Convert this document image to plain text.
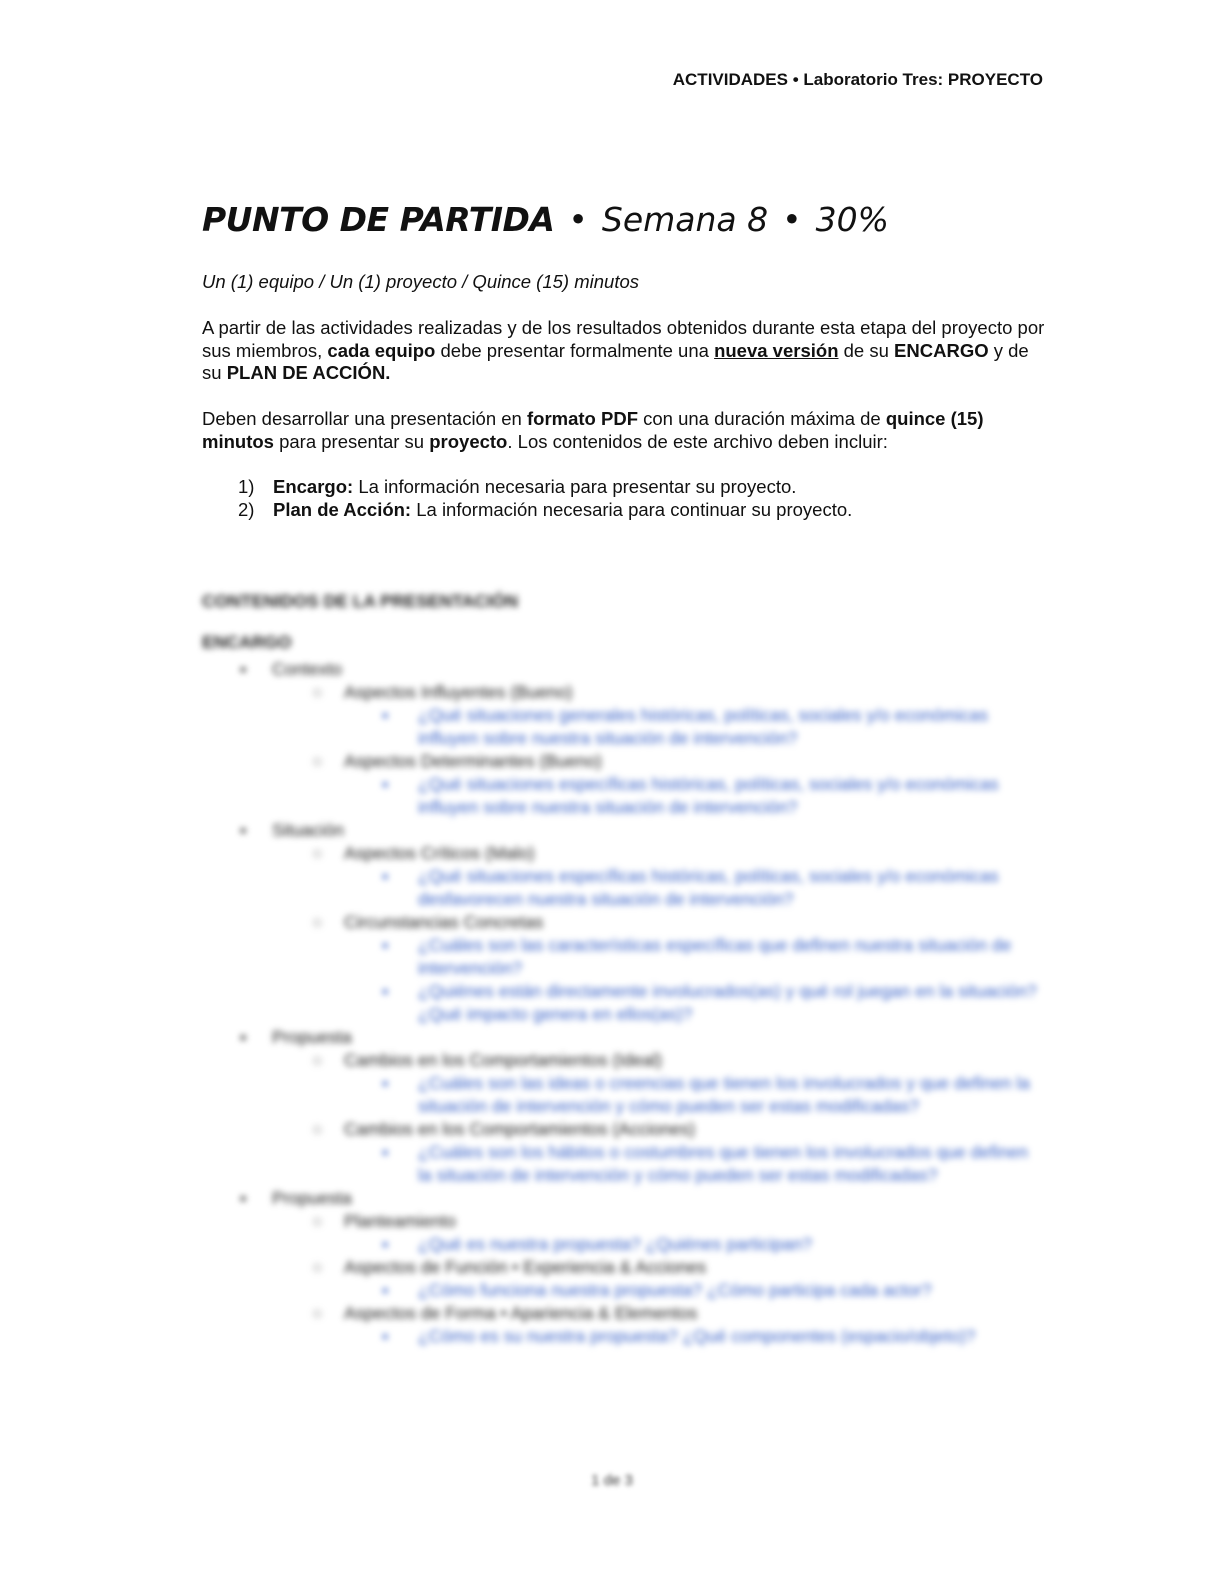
ACTIVIDADES • Laboratorio Tres: PROYECTO
PUNTO DE PARTIDA • Semana 8 • 30%
Un (1) equipo / Un (1) proyecto / Quince (15) minutos
A partir de las actividades realizadas y de los resultados obtenidos durante esta etapa del proyecto por sus miembros, cada equipo debe presentar formalmente una nueva versión de su ENCARGO y de su PLAN DE ACCIÓN.
Deben desarrollar una presentación en formato PDF con una duración máxima de quince (15) minutos para presentar su proyecto. Los contenidos de este archivo deben incluir:
1)	Encargo: La información necesaria para presentar su proyecto.
2)	Plan de Acción: La información necesaria para continuar su proyecto.
CONTENIDOS DE LA PRESENTACIÓN
ENCARGO
▪	Contexto
○	Aspectos Influyentes (Bueno)
▪	¿Qué situaciones generales históricas, políticas, sociales y/o económicas influyen sobre nuestra situación de intervención?
○	Aspectos Determinantes (Bueno)
▪	¿Qué situaciones específicas históricas, políticas, sociales y/o económicas influyen sobre nuestra situación de intervención?
▪	Situación
○	Aspectos Críticos (Malo)
▪	¿Qué situaciones específicas históricas, políticas, sociales y/o económicas desfavorecen nuestra situación de intervención?
○	Circunstancias Concretas
▪	¿Cuáles son las características específicas que definen nuestra situación de intervención?
▪	¿Quiénes están directamente involucrados(as) y qué rol juegan en la situación? ¿Qué impacto genera en ellos(as)?
▪	Propuesta
○	Cambios en los Comportamientos (Ideal)
▪	¿Cuáles son las ideas o creencias que tienen los involucrados y que definen la situación de intervención y cómo pueden ser estas modificadas?
○	Cambios en los Comportamientos (Acciones)
▪	¿Cuáles son los hábitos o costumbres que tienen los involucrados que definen la situación de intervención y cómo pueden ser estas modificadas?
▪	Propuesta
○	Planteamiento
▪	¿Qué es nuestra propuesta? ¿Quiénes participan?
○	Aspectos de Función • Experiencia & Acciones
▪	¿Cómo funciona nuestra propuesta? ¿Cómo participa cada actor?
○	Aspectos de Forma • Apariencia & Elementos
▪	¿Cómo es su nuestra propuesta? ¿Qué componentes (espacio/objeto)?
1 de 3
